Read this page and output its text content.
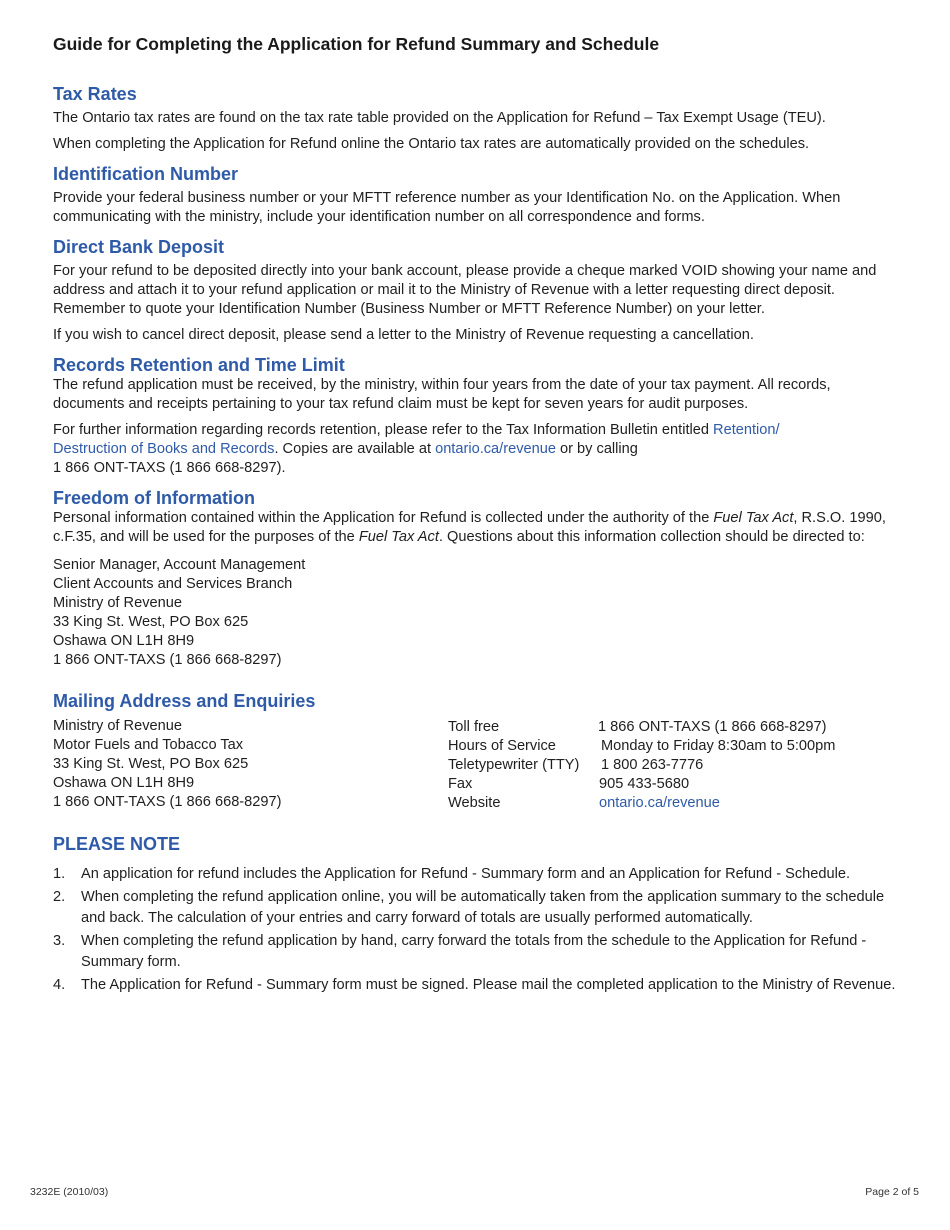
Guide for Completing the Application for Refund Summary and Schedule
Tax Rates

The Ontario tax rates are found on the tax rate table provided on the Application for Refund – Tax Exempt Usage (TEU).

When completing the Application for Refund online the Ontario tax rates are automatically provided on the schedules.

Identification Number

Provide your federal business number or your MFTT reference number as your Identification No. on the Application. When communicating with the ministry, include your identification number on all correspondence and forms.

Direct Bank Deposit

For your refund to be deposited directly into your bank account, please provide a cheque marked VOID showing your name and address and attach it to your refund application or mail it to the Ministry of Revenue with a letter requesting direct deposit. Remember to quote your Identification Number (Business Number or MFTT Reference Number) on your letter.

If you wish to cancel direct deposit, please send a letter to the Ministry of Revenue requesting a cancellation.

Records Retention and Time Limit

The refund application must be received, by the ministry, within four years from the date of your tax payment. All records, documents and receipts pertaining to your tax refund claim must be kept for seven years for audit purposes.

For further information regarding records retention, please refer to the Tax Information Bulletin entitled Retention/
Destruction of Books and Records. Copies are available at ontario.ca/revenue or by calling
1 866 ONT-TAXS (1 866 668-8297).

Freedom of Information

Personal information contained within the Application for Refund is collected under the authority of the Fuel Tax Act, R.S.O. 1990, c.F.35, and will be used for the purposes of the Fuel Tax Act. Questions about this information collection should be directed to:

Senior Manager, Account Management
Client Accounts and Services Branch
Ministry of Revenue
33 King St. West, PO Box 625
Oshawa ON L1H 8H9
1 866 ONT-TAXS (1 866 668-8297)
Mailing Address and Enquiries
Ministry of Revenue
Motor Fuels and Tobacco Tax
33 King St. West, PO Box 625
Oshawa ON L1H 8H9
1 866 ONT-TAXS (1 866 668-8297)
Toll free	1 866 ONT-TAXS (1 866 668-8297)
Hours of Service	Monday to Friday 8:30am to 5:00pm
Teletypewriter (TTY)	1 800 263-7776
Fax	905 433-5680
Website	ontario.ca/revenue
PLEASE NOTE
1.	An application for refund includes the Application for Refund - Summary form and an Application for Refund - Schedule.
2.	When completing the refund application online, you will be automatically taken from the application summary to the schedule and back. The calculation of your entries and carry forward of totals are usually performed automatically.
3.	When completing the refund application by hand, carry forward the totals from the schedule to the Application for Refund - Summary form.
4.	The Application for Refund - Summary form must be signed. Please mail the completed application to the Ministry of Revenue.
3232E (2010/03)	Page 2 of 5
